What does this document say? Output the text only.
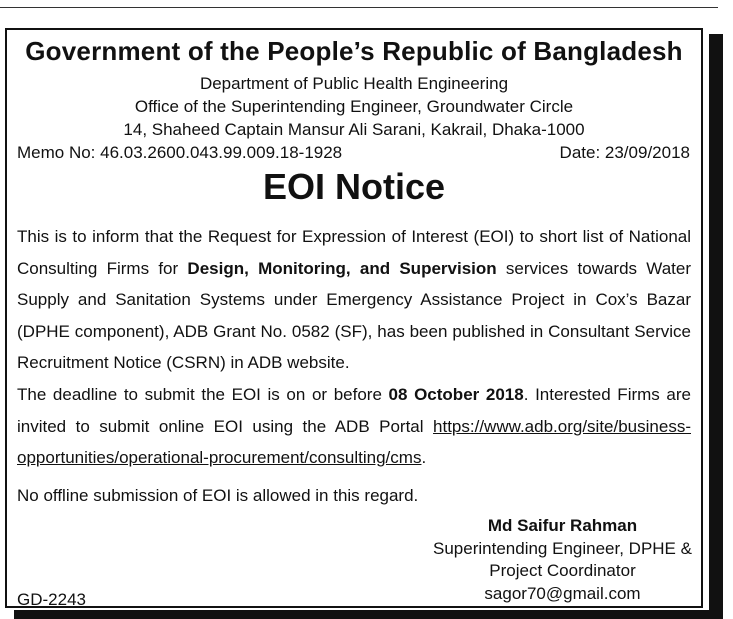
Government of the People’s Republic of Bangladesh
Department of Public Health Engineering
Office of the Superintending Engineer, Groundwater Circle
14, Shaheed Captain Mansur Ali Sarani, Kakrail, Dhaka-1000
Memo No: 46.03.2600.043.99.009.18-1928	Date: 23/09/2018
EOI Notice
This is to inform that the Request for Expression of Interest (EOI) to short list of National Consulting Firms for Design, Monitoring, and Supervision services towards Water Supply and Sanitation Systems under Emergency Assistance Project in Cox’s Bazar (DPHE component), ADB Grant No. 0582 (SF), has been published in Consultant Service Recruitment Notice (CSRN) in ADB website.
The deadline to submit the EOI is on or before 08 October 2018. Interested Firms are invited to submit online EOI using the ADB Portal https://www.adb.org/site/business-opportunities/operational-procurement/consulting/cms.
No offline submission of EOI is allowed in this regard.
Md Saifur Rahman
Superintending Engineer, DPHE &
Project Coordinator
sagor70@gmail.com
GD-2243
